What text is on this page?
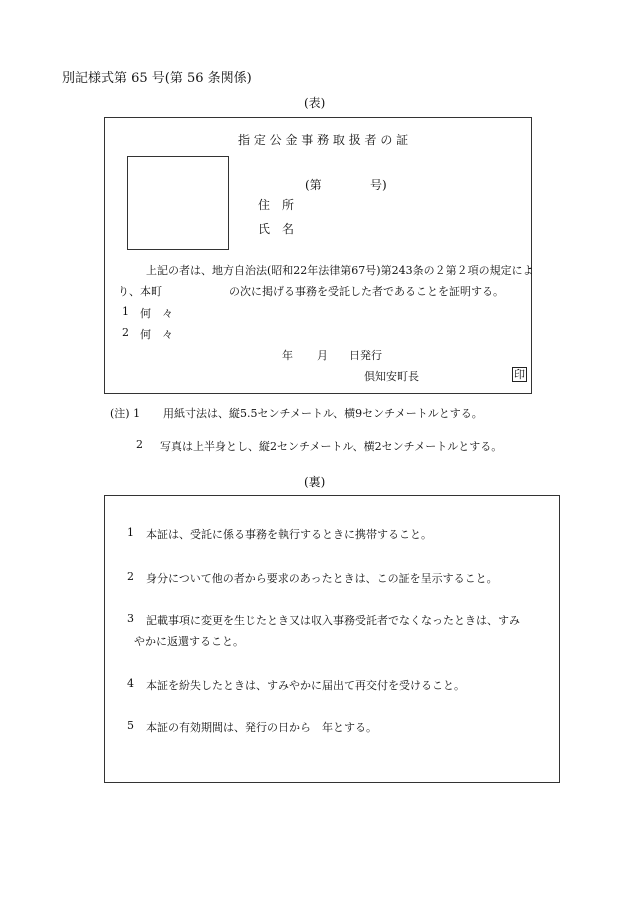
別記様式第 65 号(第 56 条関係)
(表)
指 定 公 金 事 務 取 扱 者 の 証
(第	号)
住　所
氏　名
上記の者は、地方自治法(昭和22年法律第67号)第243条の２第２項の規定によ
り、本町	の次に掲げる事務を受託した者であることを証明する。
1 何　々
2 何　々
年 月 日発行
倶知安町長	印
(注) 1 用紙寸法は、縦5.5センチメートル、横9センチメートルとする。
2 写真は上半身とし、縦2センチメートル、横2センチメートルとする。
(裏)
1 本証は、受託に係る事務を執行するときに携帯すること。
2 身分について他の者から要求のあったときは、この証を呈示すること。
3 記載事項に変更を生じたとき又は収入事務受託者でなくなったときは、すみ
やかに返還すること。
4 本証を紛失したときは、すみやかに届出て再交付を受けること。
5 本証の有効期間は、発行の日から　年とする。
